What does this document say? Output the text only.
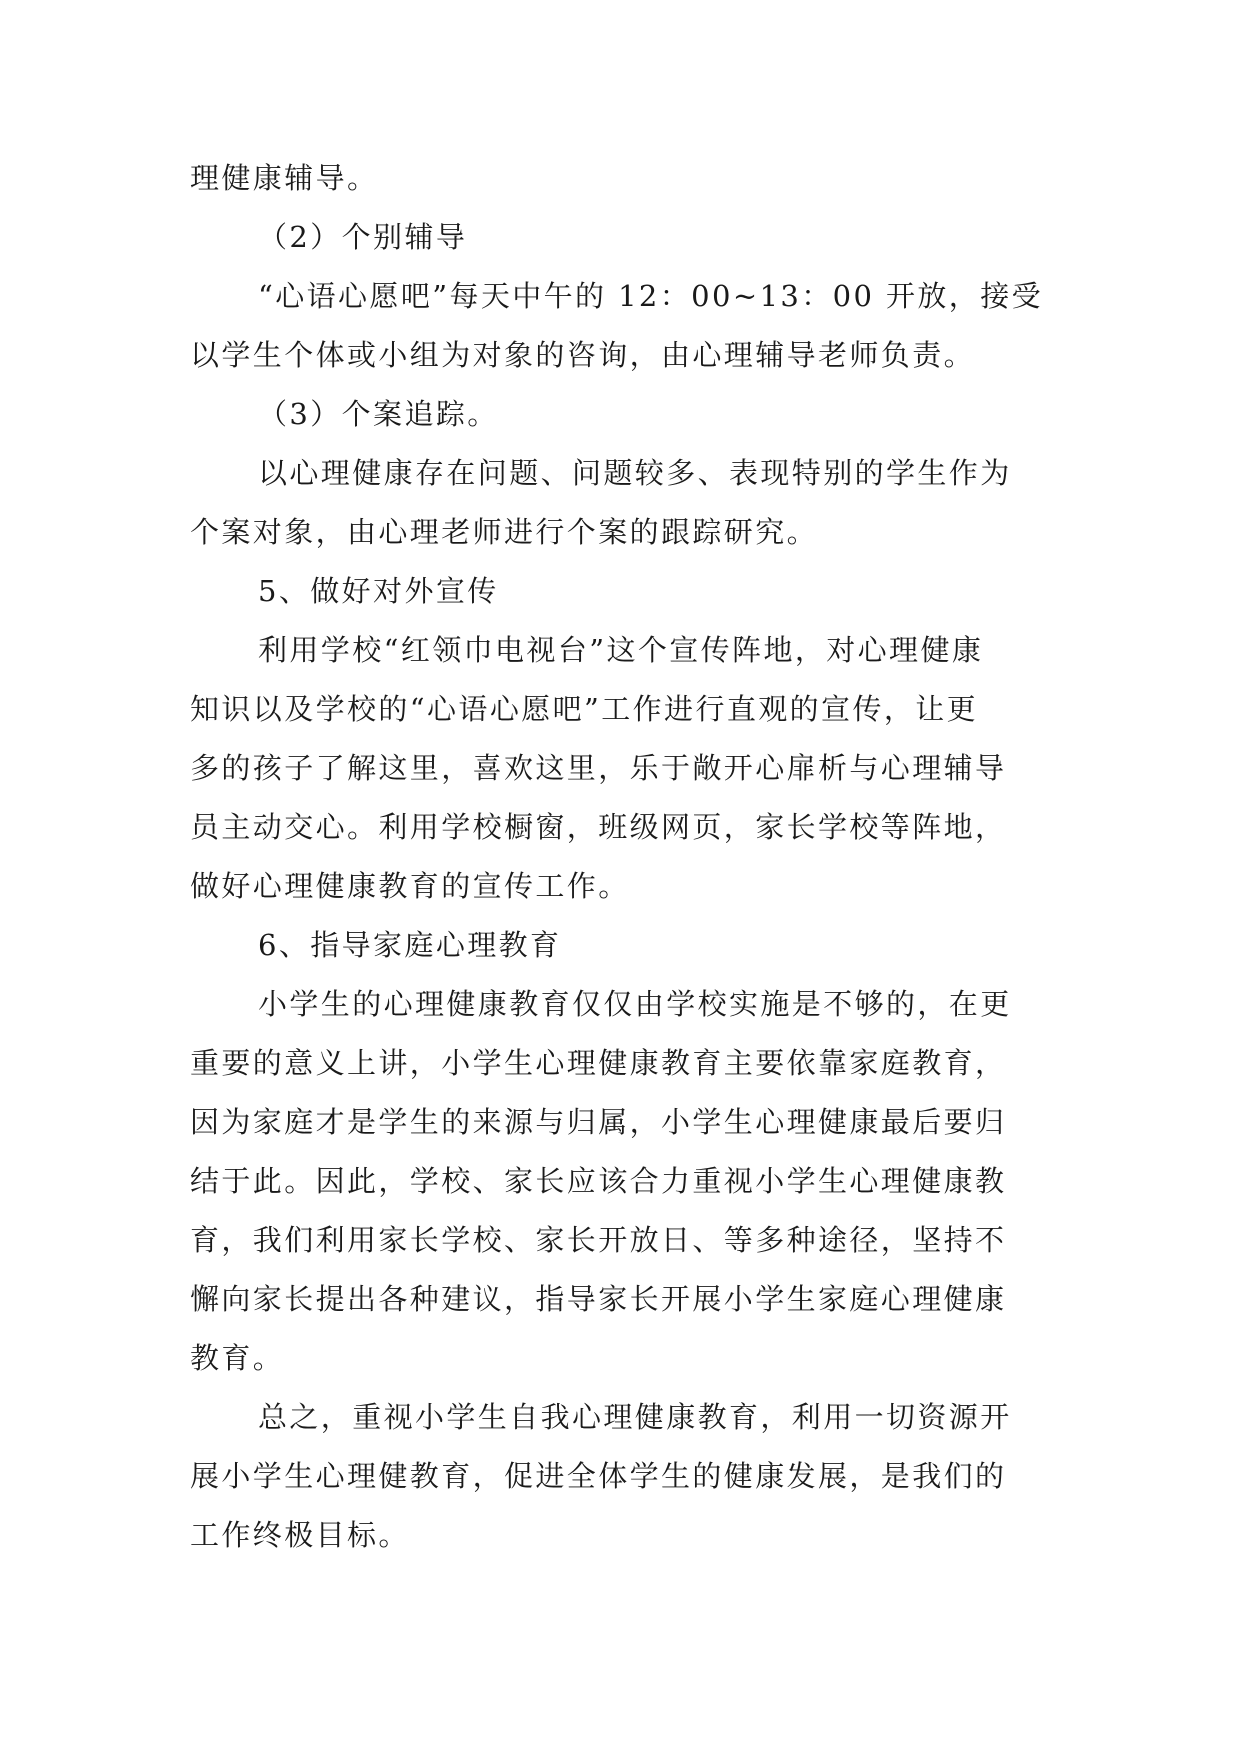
理健康辅导。
（2）个别辅导
“心语心愿吧”每天中午的 12：00~13：00 开放，接受
以学生个体或小组为对象的咨询，由心理辅导老师负责。
（3）个案追踪。
以心理健康存在问题、问题较多、表现特别的学生作为
个案对象，由心理老师进行个案的跟踪研究。
5、做好对外宣传
利用学校“红领巾电视台”这个宣传阵地，对心理健康
知识以及学校的“心语心愿吧”工作进行直观的宣传，让更
多的孩子了解这里，喜欢这里，乐于敞开心扉析与心理辅导
员主动交心。利用学校橱窗，班级网页，家长学校等阵地，
做好心理健康教育的宣传工作。
6、指导家庭心理教育
小学生的心理健康教育仅仅由学校实施是不够的，在更
重要的意义上讲，小学生心理健康教育主要依靠家庭教育，
因为家庭才是学生的来源与归属，小学生心理健康最后要归
结于此。因此，学校、家长应该合力重视小学生心理健康教
育，我们利用家长学校、家长开放日、等多种途径，坚持不
懈向家长提出各种建议，指导家长开展小学生家庭心理健康
教育。
总之，重视小学生自我心理健康教育，利用一切资源开
展小学生心理健教育，促进全体学生的健康发展，是我们的
工作终极目标。
